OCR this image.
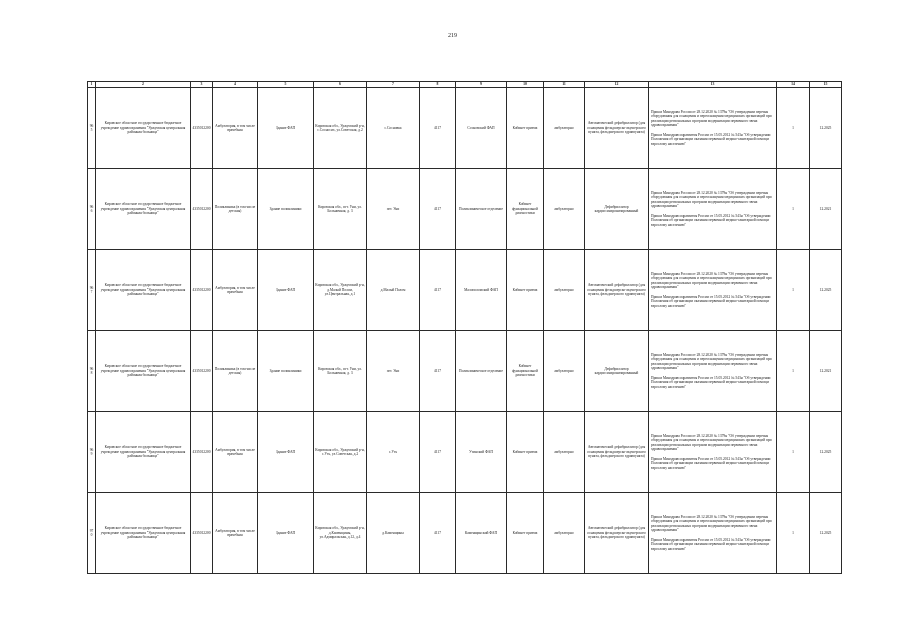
219
1	2	3	4	5	6	7	8	9	10	11	12	13	14	15
965	Кировское областное государственное бюджетное учреждение здравоохранения "Уржумская центральная районная больница"	4335012200	Амбулатория, в том числе врачебная	Здание ФАП	Кировская обл., Уржумский р-н, с.Сосносих, ул.Советская, д.2	с.Сосновка	4117	Сосновский ФАП	Кабинет приема	амбулаторно	Автоматический дефибриллятор (для оснащения фельдшерско-акушерского пункта, фельдшерского здравпункта)	Приказ Минздрава России от 28.12.2020 № 1379н "Об утверждении перечня оборудования для оснащения и переоснащения медицинских организаций при реализации региональных программ модернизации первичного звена здравоохранения"
Приказ Минздравсоцразвития России от 15.05.2012 № 543н "Об утверждении Положения об организации оказания первичной медико-санитарной помощи взрослому населению"	1	12.2025
966	Кировское областное государственное бюджетное учреждение здравоохранения "Уржумская центральная районная больница"	4335012200	Поликлиника (в том числе детская)	Здание поликлиники	Кировская обл., пгт. Уни, ул. Больничная, д. 3	пгт. Уни	4117	Поликлиническое отделение	Кабинет функциональной диагностики	амбулаторно	Дефибриллятор кардиосинхронизированный	Приказ Минздрава России от 28.12.2020 № 1379н "Об утверждении перечня оборудования для оснащения и переоснащения медицинских организаций при реализации региональных программ модернизации первичного звена здравоохранения"
Приказ Минздравсоцразвития России от 15.05.2012 № 543н "Об утверждении Положения об организации оказания первичной медико-санитарной помощи взрослому населению"	1	12.2021
967	Кировское областное государственное бюджетное учреждение здравоохранения "Уржумская центральная районная больница"	4335012200	Амбулатория, в том числе врачебная	Здание ФАП	Кировская обл., Уржумский р-н, д.Малый Полом, ул.Центральная, д.1	д.Малый Полом	4117	Малополомский ФАП	Кабинет приема	амбулаторно	Автоматический дефибриллятор (для оснащения фельдшерско-акушерского пункта, фельдшерского здравпункта)	Приказ Минздрава России от 28.12.2020 № 1379н "Об утверждении перечня оборудования для оснащения и переоснащения медицинских организаций при реализации региональных программ модернизации первичного звена здравоохранения"
Приказ Минздравсоцразвития России от 15.05.2012 № 543н "Об утверждении Положения об организации оказания первичной медико-санитарной помощи взрослому населению"	1	12.2025
968	Кировское областное государственное бюджетное учреждение здравоохранения "Уржумская центральная районная больница"	4335012200	Поликлиника (в том числе детская)	Здание поликлиники	Кировская обл., пгт. Уни, ул. Больничная, д. 3	пгт. Уни	4117	Поликлиническое отделение	Кабинет функциональной диагностики	амбулаторно	Дефибриллятор кардиосинхронизированный	Приказ Минздрава России от 28.12.2020 № 1379н "Об утверждении перечня оборудования для оснащения и переоснащения медицинских организаций при реализации региональных программ модернизации первичного звена здравоохранения"
Приказ Минздравсоцразвития России от 15.05.2012 № 543н "Об утверждении Положения об организации оказания первичной медико-санитарной помощи взрослому населению"	1	12.2021
969	Кировское областное государственное бюджетное учреждение здравоохранения "Уржумская центральная районная больница"	4335012200	Амбулатория, в том числе врачебная	Здание ФАП	Кировская обл., Уржумский р-н, с.Уть, ул.Советская, д.2	с.Уть	4117	Утинский ФАП	Кабинет приема	амбулаторно	Автоматический дефибриллятор (для оснащения фельдшерско-акушерского пункта, фельдшерского здравпункта)	Приказ Минздрава России от 28.12.2020 № 1379н "Об утверждении перечня оборудования для оснащения и переоснащения медицинских организаций при реализации региональных программ модернизации первичного звена здравоохранения"
Приказ Минздравсоцразвития России от 15.05.2012 № 543н "Об утверждении Положения об организации оказания первичной медико-санитарной помощи взрослому населению"	1	12.2025
970	Кировское областное государственное бюджетное учреждение здравоохранения "Уржумская центральная районная больница"	4335012200	Амбулатория, в том числе врачебная	Здание ФАП	Кировская обл., Уржумский р-н, д.Каменщины, ул.Адмиральская, д.12, д.4	д.Каменщины	4117	Каменщинский ФАП	Кабинет приема	амбулаторно	Автоматический дефибриллятор (для оснащения фельдшерско-акушерского пункта, фельдшерского здравпункта)	Приказ Минздрава России от 28.12.2020 № 1379н "Об утверждении перечня оборудования для оснащения и переоснащения медицинских организаций при реализации региональных программ модернизации первичного звена здравоохранения"
Приказ Минздравсоцразвития России от 15.05.2012 № 543н "Об утверждении Положения об организации оказания первичной медико-санитарной помощи взрослому населению"	1	12.2025
